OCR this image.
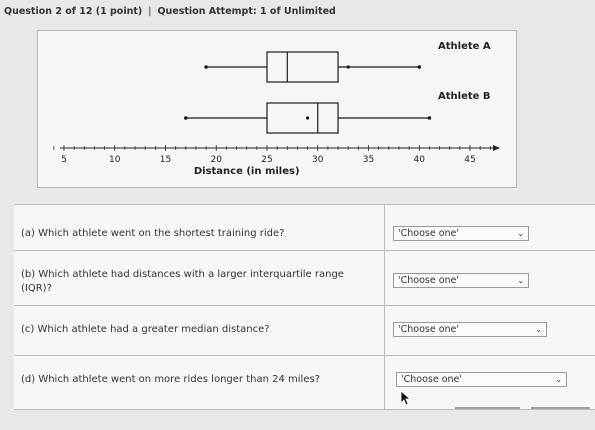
Question 2 of 12 (1 point) | Question Attempt: 1 of Unlimited
Athlete A
Athlete B
5	10	15	20	25	30	35	40	45
Distance (in miles)
(a) Which athlete went on the shortest training ride?	'Choose one'	⌄
(b) Which athlete had distances with a larger interquartile range (IQR)?
'Choose one'	⌄
(c) Which athlete had a greater median distance?	'Choose one'	⌄
(d) Which athlete went on more rides longer than 24 miles?	'Choose one'	⌄
